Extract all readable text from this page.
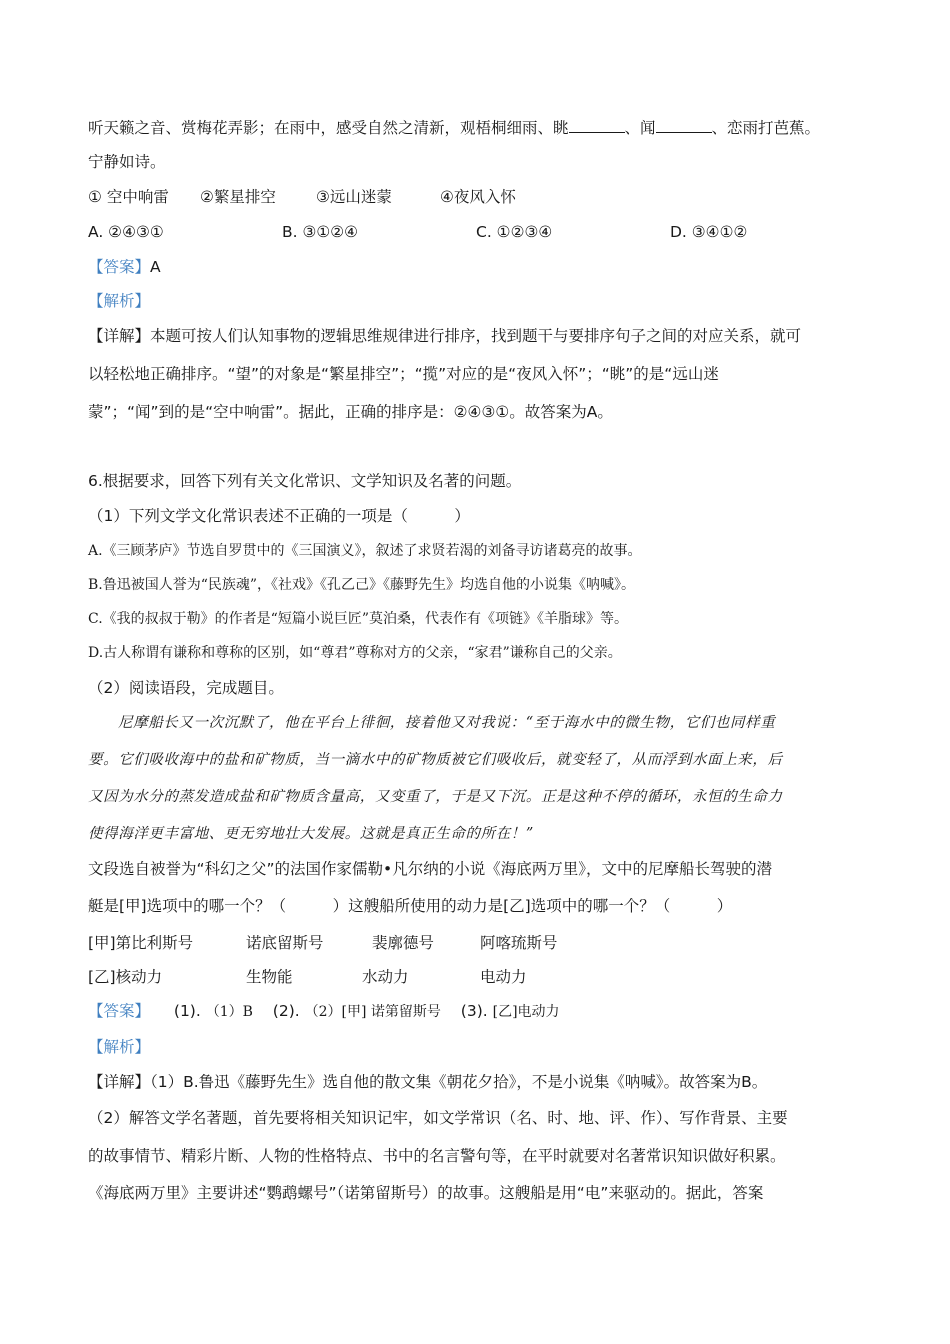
听天籁之音、赏梅花弄影；在雨中，感受自然之清新，观梧桐细雨、眺	、闻	、恋雨打芭蕉。
宁静如诗。
① 空中响雷 ②繁星排空	③远山迷蒙	④夜风入怀
A. ②④③①	B. ③①②④	C. ①②③④	D. ③④①②
【答案】A
【解析】
【详解】本题可按人们认知事物的逻辑思维规律进行排序，找到题干与要排序句子之间的对应关系，就可
以轻松地正确排序。“望”的对象是“繁星排空”；“揽”对应的是“夜风入怀”；“眺”的是“远山迷
蒙”；“闻”到的是“空中响雷”。据此，正确的排序是：②④③①。故答案为A。
6.根据要求，回答下列有关文化常识、文学知识及名著的问题。
（1）下列文学文化常识表述不正确的一项是（　　　）
A.《三顾茅庐》节选自罗贯中的《三国演义》，叙述了求贤若渴的刘备寻访诸葛亮的故事。
B.鲁迅被国人誉为“民族魂”，《社戏》《孔乙己》《藤野先生》均选自他的小说集《呐喊》。
C.《我的叔叔于勒》的作者是“短篇小说巨匠”莫泊桑，代表作有《项链》《羊脂球》等。
D.古人称谓有谦称和尊称的区别，如“尊君”尊称对方的父亲，“家君”谦称自己的父亲。
（2）阅读语段，完成题目。
尼摩船长又一次沉默了，他在平台上徘徊，接着他又对我说：“至于海水中的微生物，它们也同样重
要。它们吸收海中的盐和矿物质，当一滴水中的矿物质被它们吸收后，就变轻了，从而浮到水面上来，后
又因为水分的蒸发造成盐和矿物质含量高，又变重了，于是又下沉。正是这种不停的循环，永恒的生命力
使得海洋更丰富地、更无穷地壮大发展。这就是真正生命的所在！”
文段选自被誉为“科幻之父”的法国作家儒勒•凡尔纳的小说《海底两万里》，文中的尼摩船长驾驶的潜
艇是[甲]选项中的哪一个？（　　　）这艘船所使用的动力是[乙]选项中的哪一个？（　　　）
[甲]第比利斯号	诺底留斯号	裴廓德号	阿喀琉斯号
[乙]核动力	生物能	水动力	电动力
【答案】 (1). （1）B (2). （2）[甲] 诺第留斯号 (3). [乙]电动力
【解析】
【详解】（1）B.鲁迅《藤野先生》选自他的散文集《朝花夕拾》，不是小说集《呐喊》。故答案为B。
（2）解答文学名著题，首先要将相关知识记牢，如文学常识（名、时、地、评、作）、写作背景、主要
的故事情节、精彩片断、人物的性格特点、书中的名言警句等，在平时就要对名著常识知识做好积累。
《海底两万里》主要讲述“鹦鹉螺号”（诺第留斯号）的故事。这艘船是用“电”来驱动的。据此，答案
